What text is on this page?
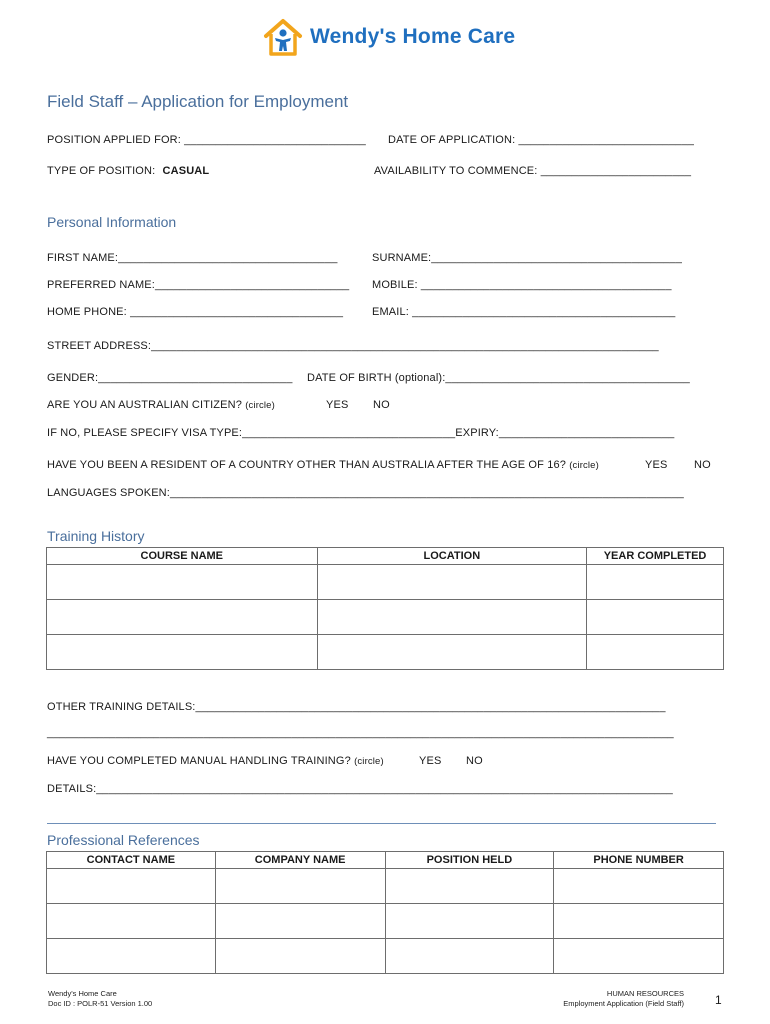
Wendy's Home Care
Field Staff – Application for Employment
POSITION APPLIED FOR: _____________________________ DATE OF APPLICATION: ____________________________
TYPE OF POSITION: CASUAL	AVAILABILITY TO COMMENCE: ________________________
Personal Information
FIRST NAME:___________________________________	SURNAME:________________________________________
PREFERRED NAME:_______________________________ MOBILE: ________________________________________
HOME PHONE: __________________________________	EMAIL: __________________________________________
STREET ADDRESS:_________________________________________________________________________________
GENDER:_______________________________ DATE OF BIRTH (optional):_______________________________________
ARE YOU AN AUSTRALIAN CITIZEN? (circle)	YES NO
IF NO, PLEASE SPECIFY VISA TYPE:__________________________________EXPIRY:____________________________
HAVE YOU BEEN A RESIDENT OF A COUNTRY OTHER THAN AUSTRALIA AFTER THE AGE OF 16? (circle)	YES NO
LANGUAGES SPOKEN:__________________________________________________________________________________
Training History
COURSE NAME	LOCATION	YEAR COMPLETED

OTHER TRAINING DETAILS:___________________________________________________________________________
____________________________________________________________________________________________________
HAVE YOU COMPLETED MANUAL HANDLING TRAINING? (circle)	YES NO
DETAILS:____________________________________________________________________________________________
Professional References
CONTACT NAME	COMPANY NAME	POSITION HELD	PHONE NUMBER

Wendy's Home Care
Doc ID : POLR-51 Version 1.00
HUMAN RESOURCES
Employment Application (Field Staff)	1
